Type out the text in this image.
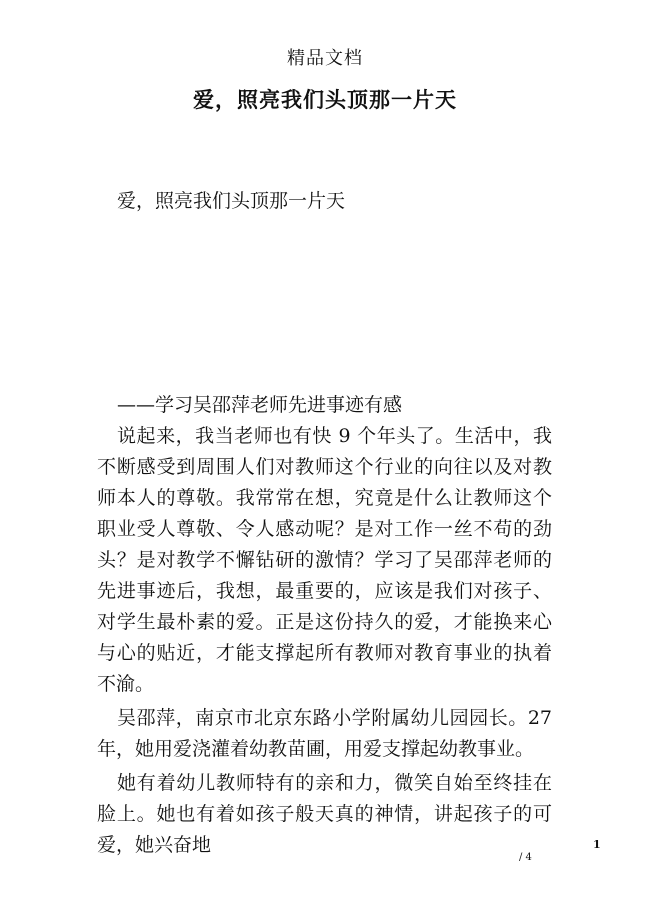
精品文档
爱，照亮我们头顶那一片天
爱，照亮我们头顶那一片天
——学习吴邵萍老师先进事迹有感

说起来，我当老师也有快 9 个年头了。生活中，我不断感受到周围人们对教师这个行业的向往以及对教师本人的尊敬。我常常在想，究竟是什么让教师这个职业受人尊敬、令人感动呢？是对工作一丝不苟的劲头？是对教学不懈钻研的激情？学习了吴邵萍老师的先进事迹后，我想，最重要的，应该是我们对孩子、对学生最朴素的爱。正是这份持久的爱，才能换来心与心的贴近，才能支撑起所有教师对教育事业的执着不渝。

吴邵萍，南京市北京东路小学附属幼儿园园长。27 年，她用爱浇灌着幼教苗圃，用爱支撑起幼教事业。

她有着幼儿教师特有的亲和力，微笑自始至终挂在脸上。她也有着如孩子般天真的神情，讲起孩子的可爱，她兴奋地	1
/ 4
